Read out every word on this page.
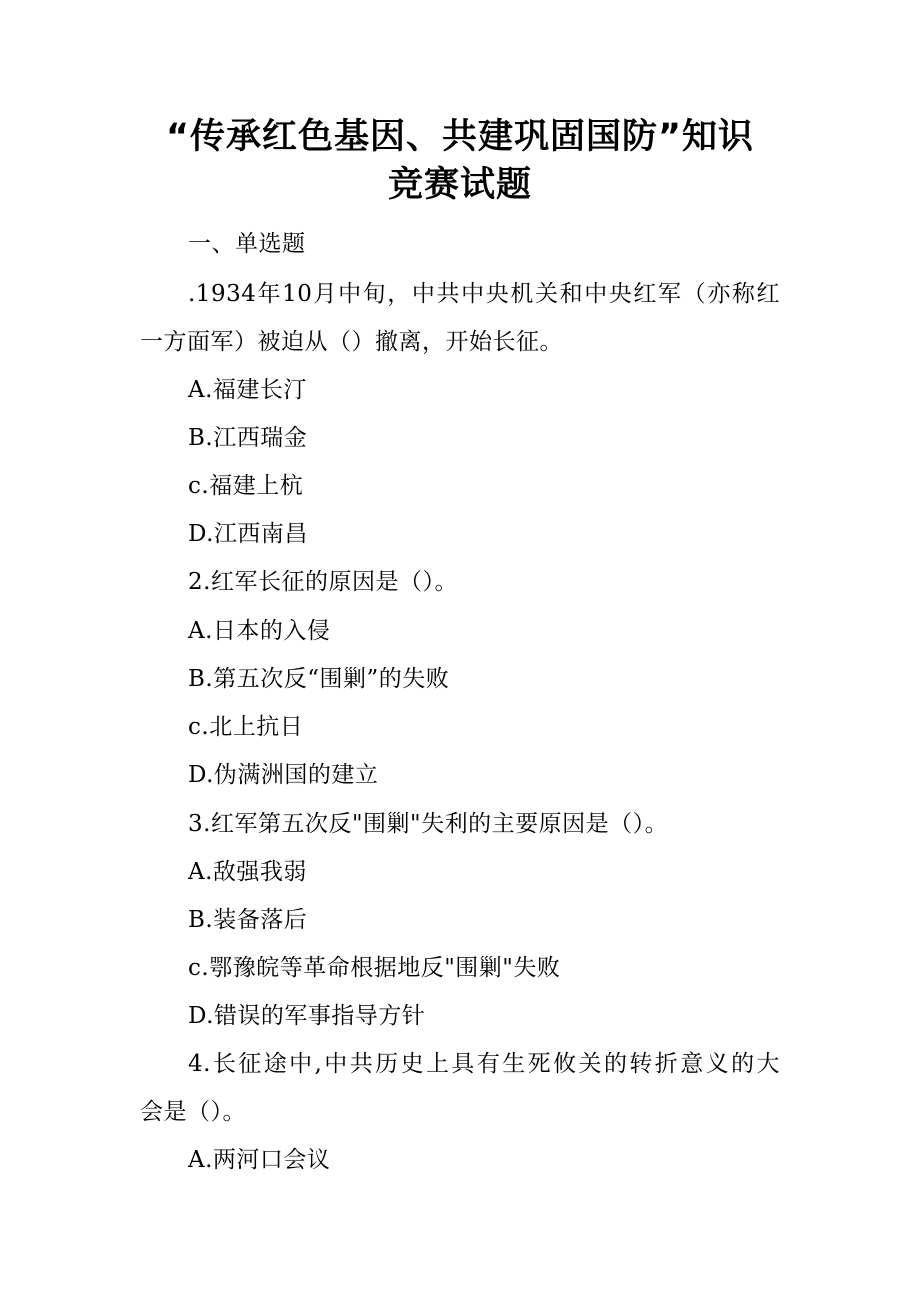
“传承红色基因、共建巩固国防”知识
竞赛试题
一、单选题
.1934年10月中旬，中共中央机关和中央红军（亦称红
一方面军）被迫从（）撤离，开始长征。
A.福建长汀
B.江西瑞金
c.福建上杭
D.江西南昌
2.红军长征的原因是（）。
A.日本的入侵
B.第五次反“围剿”的失败
c.北上抗日
D.伪满洲国的建立
3.红军第五次反"围剿"失利的主要原因是（）。
A.敌强我弱
B.装备落后
c.鄂豫皖等革命根据地反"围剿"失败
D.错误的军事指导方针
4.长征途中,中共历史上具有生死攸关的转折意义的大
会是（）。
A.两河口会议
